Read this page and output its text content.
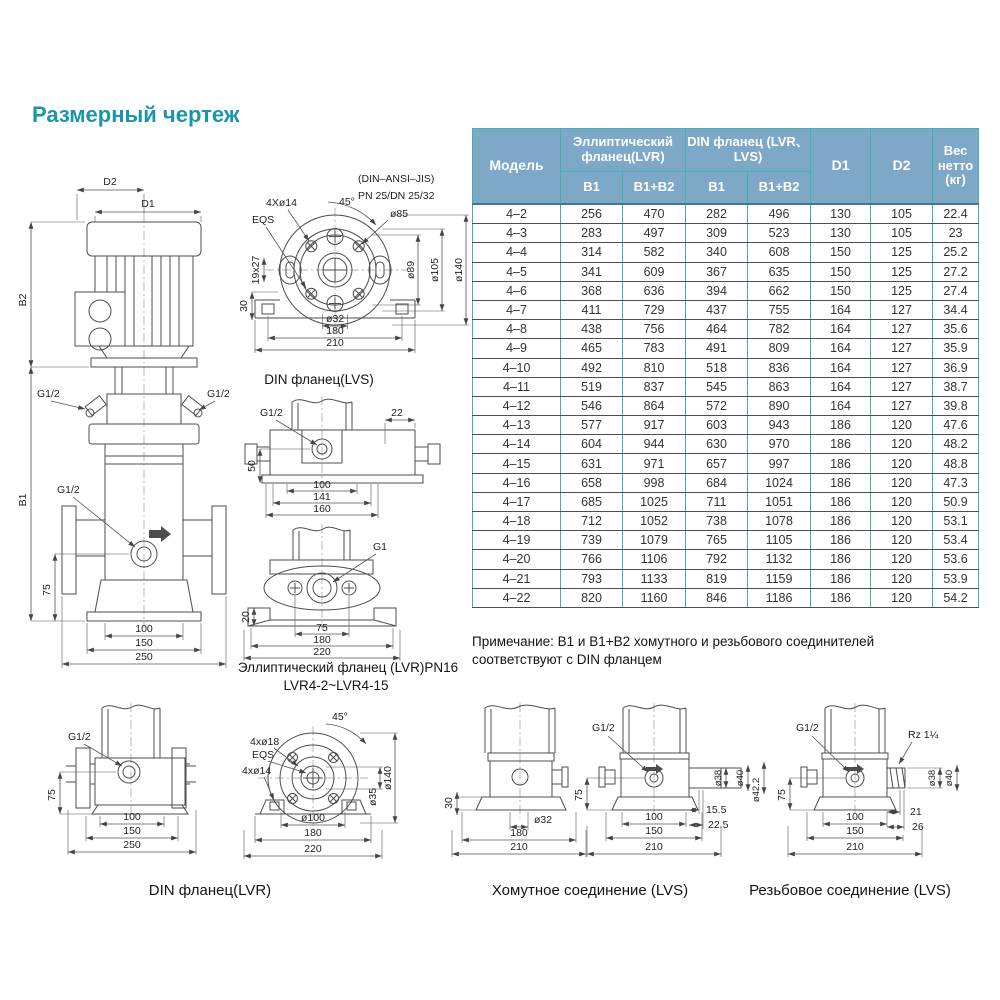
Размерный чертеж
D2
D1
B2
B1
G1/2	G1/2
G1/2
75
100
150
250
(DIN–ANSI–JIS)
PN 25/DN 25/32
4Xø14
EQS
45°
ø85
19x27
30
ø32
180
210
ø89 ø105 ø140
DIN фланец(LVS)
G1/2	22
50
100
141
160
G1
20
75
180
220
Эллиптический фланец (LVR)PN16
LVR4-2~LVR4-15
G1/2
75
100
150
250
45°
4xø18
EQS
4xø14	ø140
ø35
ø100
180
220
30
ø32
180
210
G1/2
75
ø38 ø40 ø42.2
15.5
22.5
100
150
210
G1/2
Rz 1¼
75
ø38 ø40
21
26
100
150
210
Модель	Эллиптический фланец(LVR)		DIN фланец (LVR、 LVS)		D1	D2	Вес нетто (кг)
	B1	B1+B2	B1	B1+B2			
4–2	256	470	282	496	130	105	22.4
4–3	283	497	309	523	130	105	23
4–4	314	582	340	608	150	125	25.2
4–5	341	609	367	635	150	125	27.2
4–6	368	636	394	662	150	125	27.4
4–7	411	729	437	755	164	127	34.4
4–8	438	756	464	782	164	127	35.6
4–9	465	783	491	809	164	127	35.9
4–10	492	810	518	836	164	127	36.9
4–11	519	837	545	863	164	127	38.7
4–12	546	864	572	890	164	127	39.8
4–13	577	917	603	943	186	120	47.6
4–14	604	944	630	970	186	120	48.2
4–15	631	971	657	997	186	120	48.8
4–16	658	998	684	1024	186	120	47.3
4–17	685	1025	711	1051	186	120	50.9
4–18	712	1052	738	1078	186	120	53.1
4–19	739	1079	765	1105	186	120	53.4
4–20	766	1106	792	1132	186	120	53.6
4–21	793	1133	819	1159	186	120	53.9
4–22	820	1160	846	1186	186	120	54.2
Примечание: B1 и B1+B2 хомутного и резьбового соединителей
соответствуют с DIN фланцем
DIN фланец(LVR)	Хомутное соединение (LVS)	Резьбовое соединение (LVS)
